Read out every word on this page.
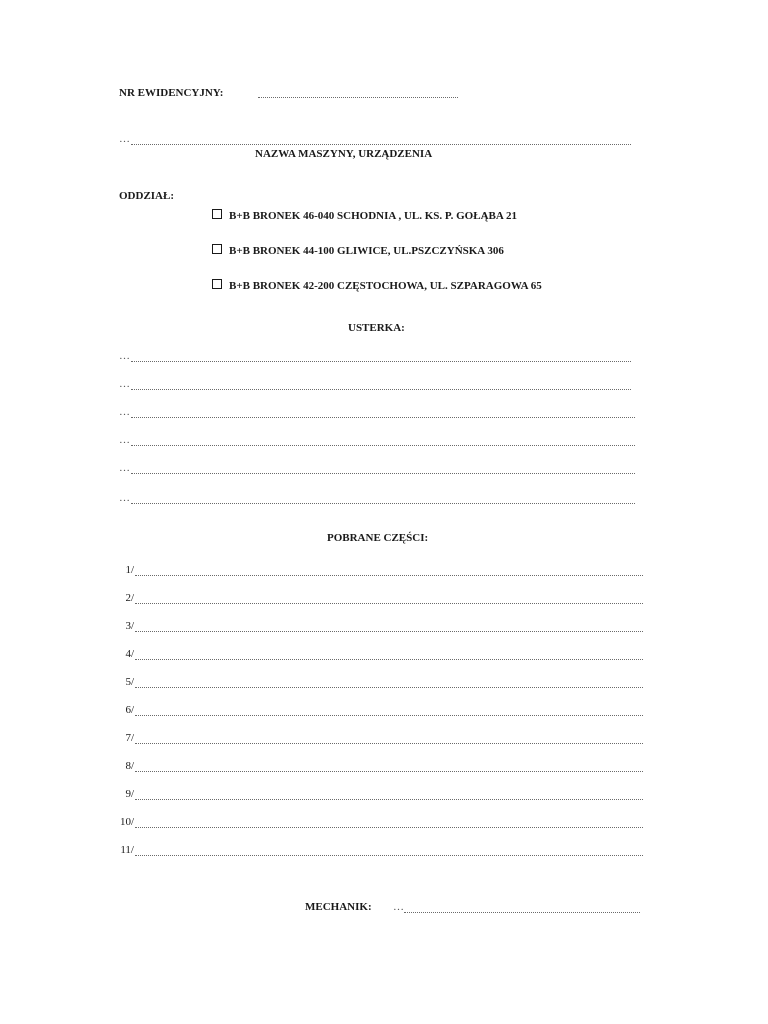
NR EWIDENCYJNY:
…
NAZWA MASZYNY, URZĄDZENIA
ODDZIAŁ:
B+B BRONEK 46-040 SCHODNIA , UL. KS. P. GOŁĄBA 21
B+B BRONEK 44-100 GLIWICE, UL.PSZCZYŃSKA 306
B+B BRONEK 42-200 CZĘSTOCHOWA, UL. SZPARAGOWA 65
USTERKA:
…
…
…
…
…
…
POBRANE CZĘŚCI:
1/
2/
3/
4/
5/
6/
7/
8/
9/
10/
11/
MECHANIK: …
